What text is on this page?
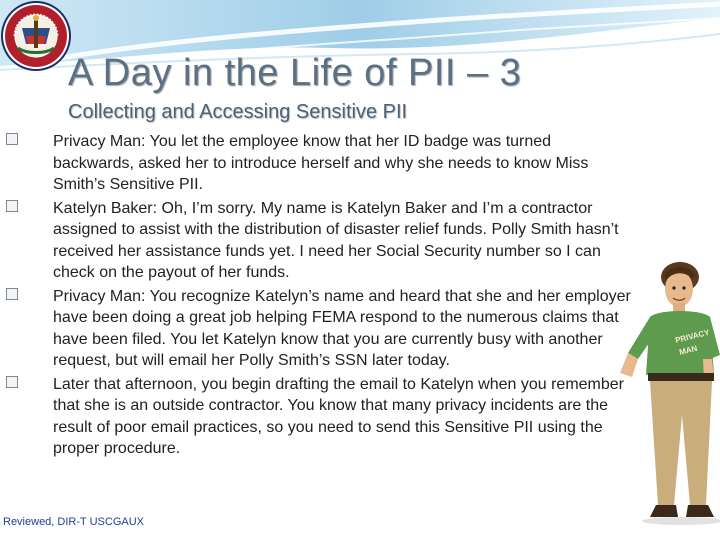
A Day in the Life of PII – 3
Collecting and Accessing Sensitive PII
Privacy Man: You let the employee know that her ID badge was turned backwards, asked her to introduce herself and why she needs to know Miss Smith’s Sensitive PII.
Katelyn Baker: Oh, I’m sorry. My name is Katelyn Baker and I’m a contractor assigned to assist with the distribution of disaster relief funds. Polly Smith hasn’t received her assistance funds yet. I need her Social Security number so I can check on the payout of her funds.
Privacy Man: You recognize Katelyn’s name and heard that she and her employer have been doing a great job helping FEMA respond to the numerous claims that have been filed. You let Katelyn know that you are currently busy with another request, but will email her Polly Smith’s SSN later today.
Later that afternoon, you begin drafting the email to Katelyn when you remember that she is an outside contractor. You know that many privacy incidents are the result of poor email practices, so you need to send this Sensitive PII using the proper procedure.
PRIVACY
MAN
Reviewed, DIR-T USCGAUX
